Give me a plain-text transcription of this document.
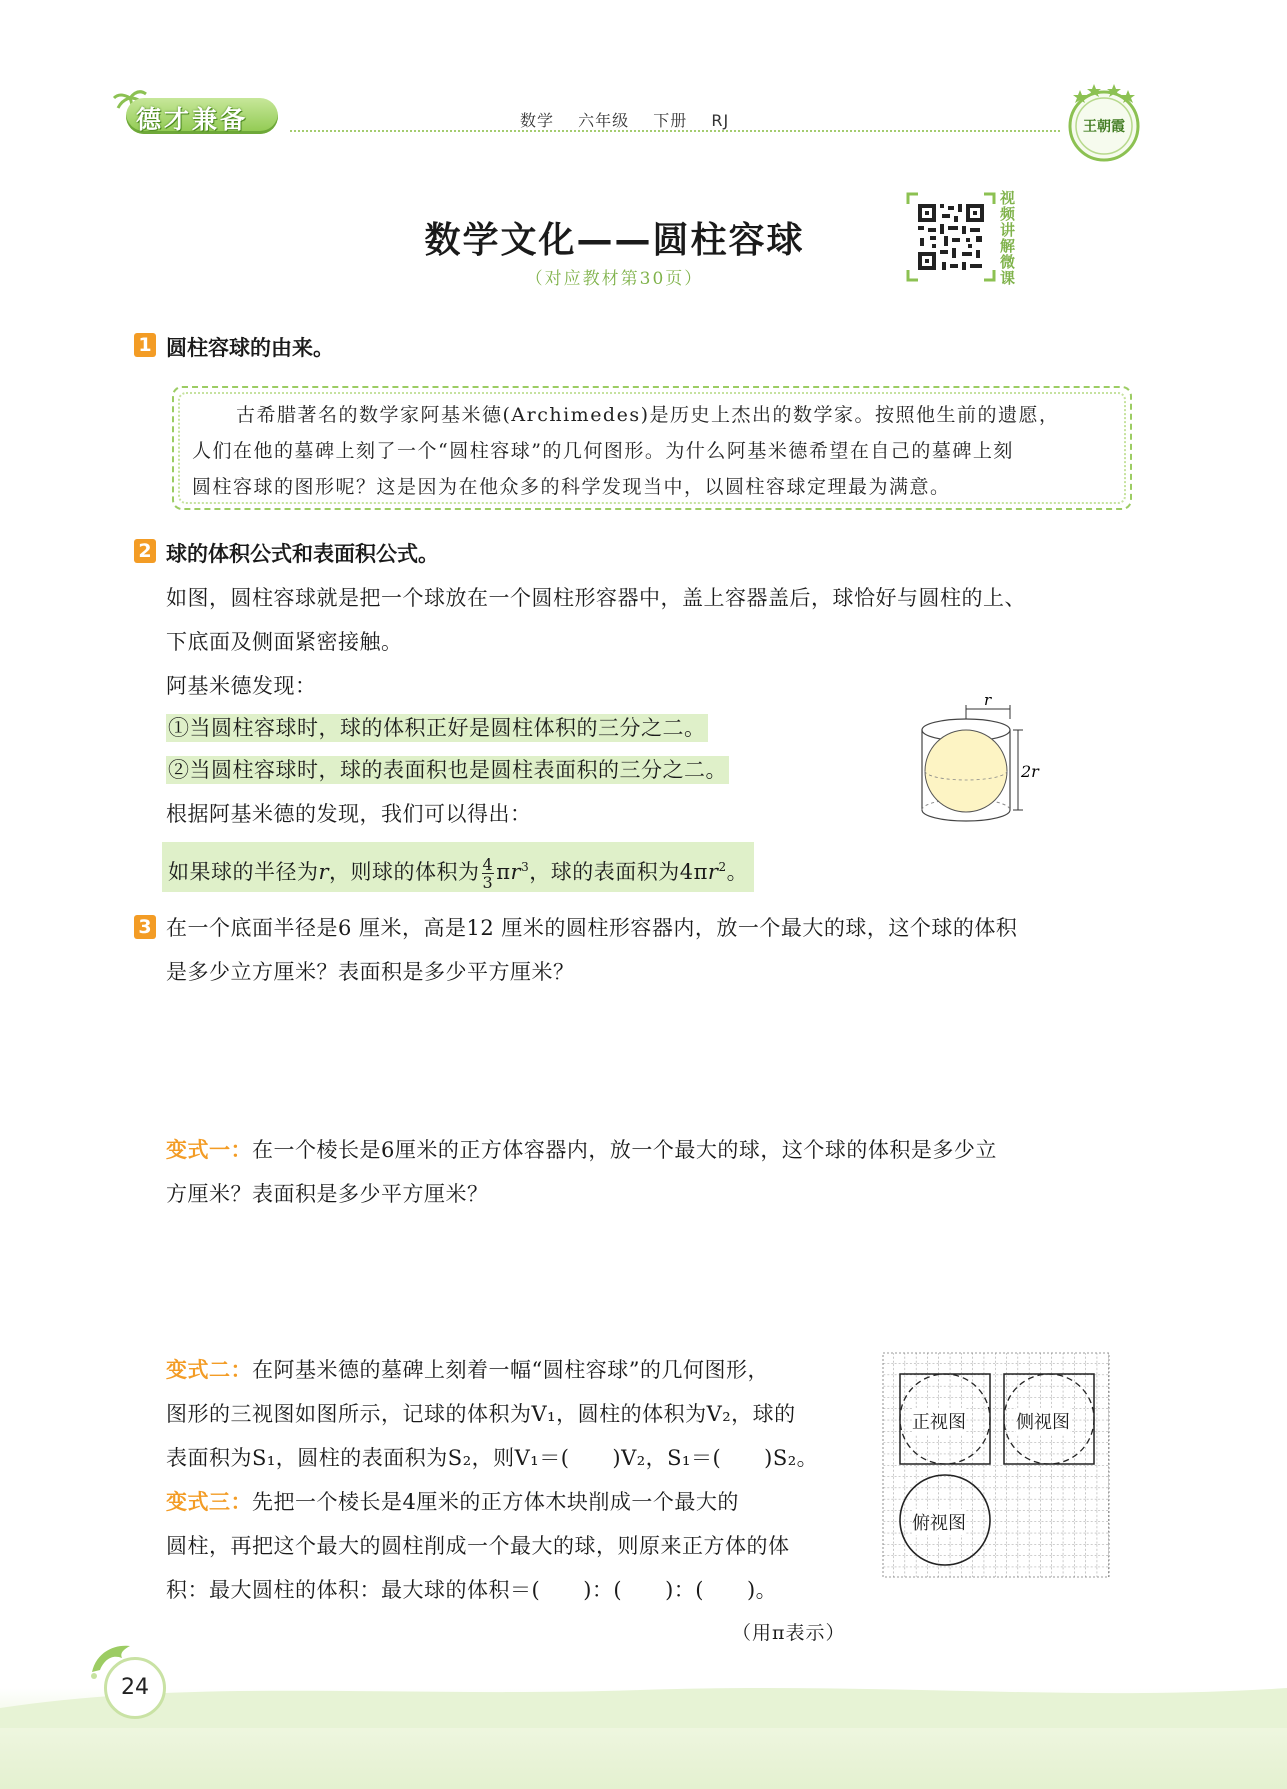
德才兼备	数学 六年级 下册 RJ	王朝霞
数学文化——圆柱容球
（对应教材第30页）
视频讲解微课
1 圆柱容球的由来。
古希腊著名的数学家阿基米德(Archimedes)是历史上杰出的数学家。按照他生前的遗愿，
人们在他的墓碑上刻了一个“圆柱容球”的几何图形。为什么阿基米德希望在自己的墓碑上刻
圆柱容球的图形呢？这是因为在他众多的科学发现当中，以圆柱容球定理最为满意。
2 球的体积公式和表面积公式。
如图，圆柱容球就是把一个球放在一个圆柱形容器中，盖上容器盖后，球恰好与圆柱的上、
下底面及侧面紧密接触。
阿基米德发现：
①当圆柱容球时，球的体积正好是圆柱体积的三分之二。
②当圆柱容球时，球的表面积也是圆柱表面积的三分之二。
根据阿基米德的发现，我们可以得出：
如果球的半径为r，则球的体积为 $\frac{4}{3} \pi r^3$，球的表面积为$4\pi r^2$。
r
2r
3 在一个底面半径是6 厘米，高是12 厘米的圆柱形容器内，放一个最大的球，这个球的体积
是多少立方厘米？表面积是多少平方厘米？
变式一：在一个棱长是6厘米的正方体容器内，放一个最大的球，这个球的体积是多少立
方厘米？表面积是多少平方厘米？
变式二：在阿基米德的墓碑上刻着一幅“圆柱容球”的几何图形，
图形的三视图如图所示，记球的体积为V₁，圆柱的体积为V₂，球的
表面积为S₁，圆柱的表面积为S₂，则V₁＝(　　)V₂，S₁＝(　　)S₂。
变式三：先把一个棱长是4厘米的正方体木块削成一个最大的
圆柱，再把这个最大的圆柱削成一个最大的球，则原来正方体的体
积：最大圆柱的体积：最大球的体积＝(　　)：(　　)：(　　)。
（用π表示）
正视图	侧视图
俯视图
24
